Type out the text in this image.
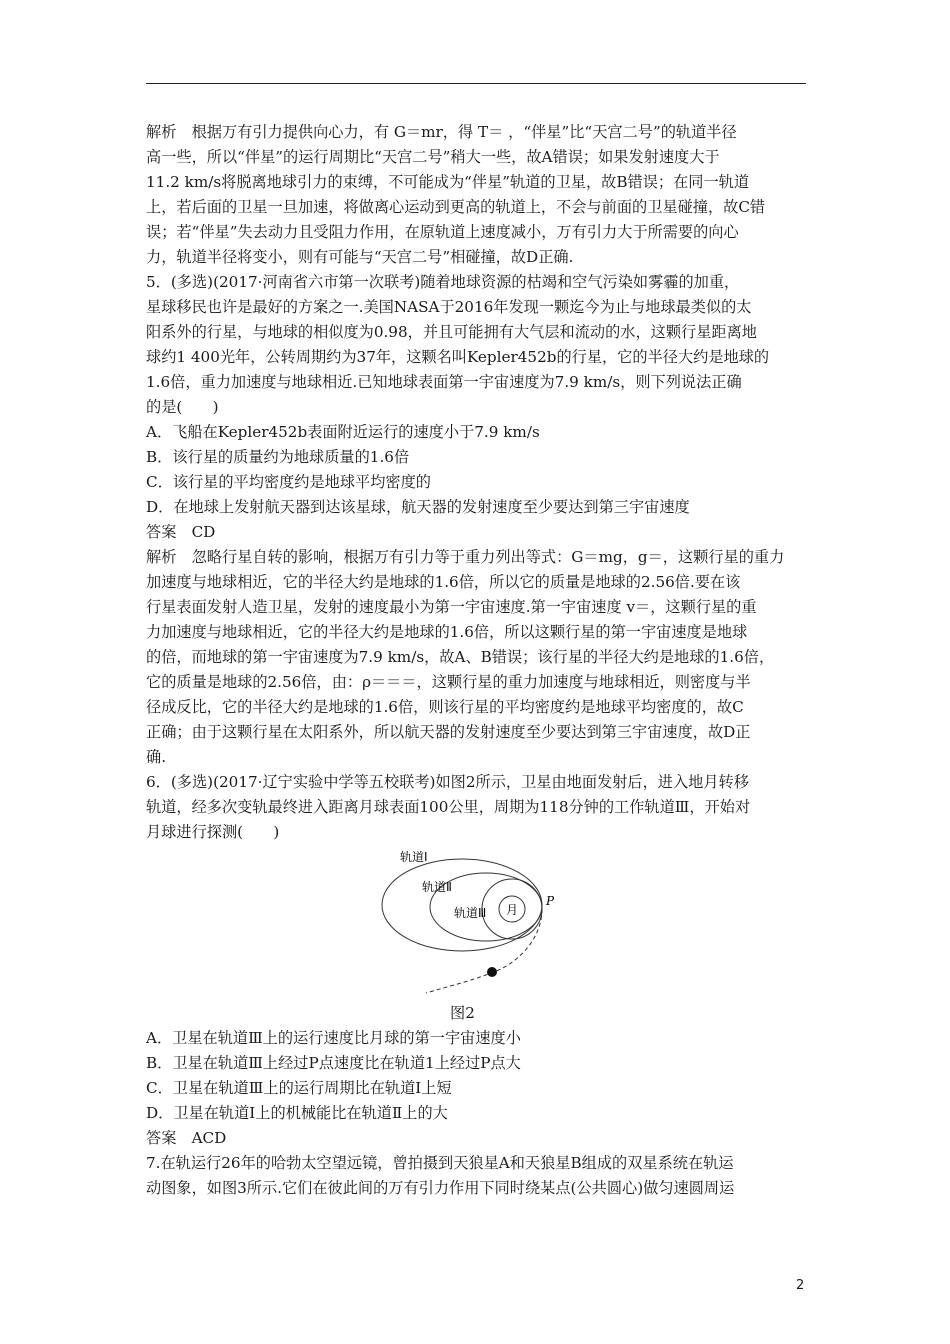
解析　根据万有引力提供向心力，有 G＝mr，得 T＝ ，“伴星”比“天宫二号”的轨道半径
高一些，所以“伴星”的运行周期比“天宫二号”稍大一些，故A错误；如果发射速度大于
11.2 km/s将脱离地球引力的束缚，不可能成为“伴星”轨道的卫星，故B错误；在同一轨道
上，若后面的卫星一旦加速，将做离心运动到更高的轨道上，不会与前面的卫星碰撞，故C错
误；若“伴星”失去动力且受阻力作用，在原轨道上速度减小，万有引力大于所需要的向心
力，轨道半径将变小，则有可能与“天宫二号”相碰撞，故D正确.
5．(多选)(2017·河南省六市第一次联考)随着地球资源的枯竭和空气污染如雾霾的加重，
星球移民也许是最好的方案之一.美国NASA于2016年发现一颗迄今为止与地球最类似的太
阳系外的行星，与地球的相似度为0.98，并且可能拥有大气层和流动的水，这颗行星距离地
球约1 400光年，公转周期约为37年，这颗名叫Kepler452b的行星，它的半径大约是地球的
1.6倍，重力加速度与地球相近.已知地球表面第一宇宙速度为7.9 km/s，则下列说法正确
的是(　　)
A．飞船在Kepler452b表面附近运行的速度小于7.9 km/s
B．该行星的质量约为地球质量的1.6倍
C．该行星的平均密度约是地球平均密度的
D．在地球上发射航天器到达该星球，航天器的发射速度至少要达到第三宇宙速度
答案　CD
解析　忽略行星自转的影响，根据万有引力等于重力列出等式：G＝mg，g＝，这颗行星的重力
加速度与地球相近，它的半径大约是地球的1.6倍，所以它的质量是地球的2.56倍.要在该
行星表面发射人造卫星，发射的速度最小为第一宇宙速度.第一宇宙速度 v＝，这颗行星的重
力加速度与地球相近，它的半径大约是地球的1.6倍，所以这颗行星的第一宇宙速度是地球
的倍，而地球的第一宇宙速度为7.9 km/s，故A、B错误；该行星的半径大约是地球的1.6倍，
它的质量是地球的2.56倍，由：ρ＝＝＝，这颗行星的重力加速度与地球相近，则密度与半
径成反比，它的半径大约是地球的1.6倍，则该行星的平均密度约是地球平均密度的，故C
正确；由于这颗行星在太阳系外，所以航天器的发射速度至少要达到第三宇宙速度，故D正
确.
6．(多选)(2017·辽宁实验中学等五校联考)如图2所示，卫星由地面发射后，进入地月转移
轨道，经多次变轨最终进入距离月球表面100公里，周期为118分钟的工作轨道Ⅲ，开始对
月球进行探测(　　)
轨道Ⅰ
轨道Ⅱ
轨道Ⅲ 月
P
图2
A．卫星在轨道Ⅲ上的运行速度比月球的第一宇宙速度小
B．卫星在轨道Ⅲ上经过P点速度比在轨道1上经过P点大
C．卫星在轨道Ⅲ上的运行周期比在轨道Ⅰ上短
D．卫星在轨道Ⅰ上的机械能比在轨道Ⅱ上的大
答案　ACD
7.在轨运行26年的哈勃太空望远镜，曾拍摄到天狼星A和天狼星B组成的双星系统在轨运
动图象，如图3所示.它们在彼此间的万有引力作用下同时绕某点(公共圆心)做匀速圆周运
2
